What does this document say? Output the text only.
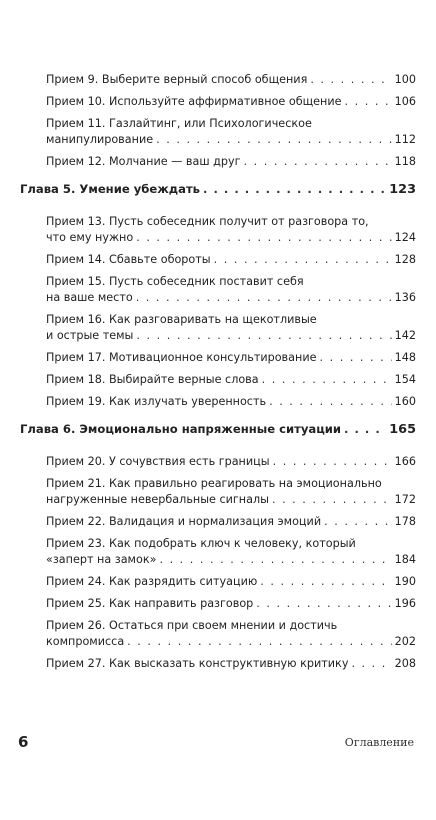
Прием 9. Выберите верный способ общения . . .	100
Прием 10. Используйте аффирмативное общение . . .	106
Прием 11. Газлайтинг, или Психологическое
манипулирование . . .	112
Прием 12. Молчание — ваш друг . . .	118
Глава 5. Умение убеждать . . .	123
Прием 13. Пусть собеседник получит от разговора то,
что ему нужно . . .	124
Прием 14. Сбавьте обороты . . .	128
Прием 15. Пусть собеседник поставит себя
на ваше место . . .	136
Прием 16. Как разговаривать на щекотливые
и острые темы . . .	142
Прием 17. Мотивационное консультирование . . .	148
Прием 18. Выбирайте верные слова . . .	154
Прием 19. Как излучать уверенность . . .	160
Глава 6. Эмоционально напряженные ситуации . . .	165
Прием 20. У сочувствия есть границы . . .	166
Прием 21. Как правильно реагировать на эмоционально
нагруженные невербальные сигналы . . .	172
Прием 22. Валидация и нормализация эмоций . . .	178
Прием 23. Как подобрать ключ к человеку, который
«заперт на замок» . . .	184
Прием 24. Как разрядить ситуацию . . .	190
Прием 25. Как направить разговор . . .	196
Прием 26. Остаться при своем мнении и достичь
компромисса . . .	202
Прием 27. Как высказать конструктивную критику . . .	208
6	Оглавление
